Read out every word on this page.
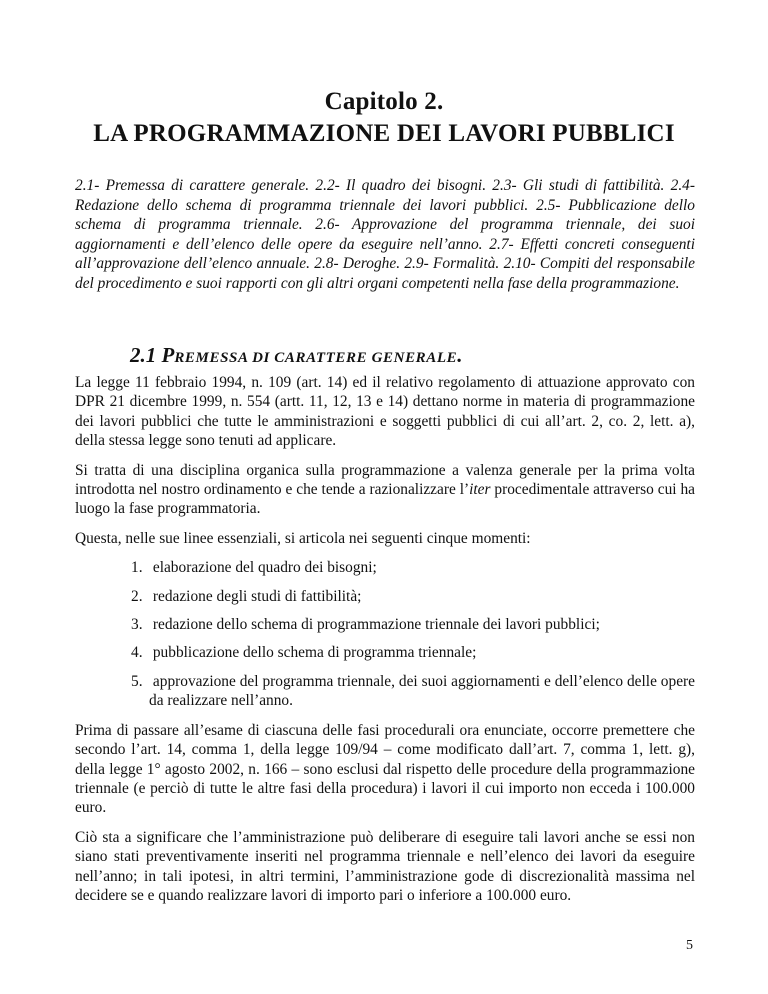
Capitolo 2.
LA PROGRAMMAZIONE DEI LAVORI PUBBLICI
2.1- Premessa di carattere generale. 2.2- Il quadro dei bisogni. 2.3- Gli studi di fattibilità. 2.4- Redazione dello schema di programma triennale dei lavori pubblici. 2.5- Pubblicazione dello schema di programma triennale. 2.6- Approvazione del programma triennale, dei suoi aggiornamenti e dell’elenco delle opere da eseguire nell’anno. 2.7- Effetti concreti conseguenti all’approvazione dell’elenco annuale. 2.8- Deroghe. 2.9- Formalità. 2.10- Compiti del responsabile del procedimento e suoi rapporti con gli altri organi competenti nella fase della programmazione.
2.1 PREMESSA DI CARATTERE GENERALE.

La legge 11 febbraio 1994, n. 109 (art. 14) ed il relativo regolamento di attuazione approvato con DPR 21 dicembre 1999, n. 554 (artt. 11, 12, 13 e 14) dettano norme in materia di programmazione dei lavori pubblici che tutte le amministrazioni e soggetti pubblici di cui all’art. 2, co. 2, lett. a), della stessa legge sono tenuti ad applicare.

Si tratta di una disciplina organica sulla programmazione a valenza generale per la prima volta introdotta nel nostro ordinamento e che tende a razionalizzare l’iter procedimentale attraverso cui ha luogo la fase programmatoria.

Questa, nelle sue linee essenziali, si articola nei seguenti cinque momenti:

1. elaborazione del quadro dei bisogni;
2. redazione degli studi di fattibilità;
3. redazione dello schema di programmazione triennale dei lavori pubblici;
4. pubblicazione dello schema di programma triennale;
5. approvazione del programma triennale, dei suoi aggiornamenti e dell’elenco delle opere da realizzare nell’anno.

Prima di passare all’esame di ciascuna delle fasi procedurali ora enunciate, occorre premettere che secondo l’art. 14, comma 1, della legge 109/94 – come modificato dall’art. 7, comma 1, lett. g), della legge 1° agosto 2002, n. 166 – sono esclusi dal rispetto delle procedure della programmazione triennale (e perciò di tutte le altre fasi della procedura) i lavori il cui importo non ecceda i 100.000 euro.

Ciò sta a significare che l’amministrazione può deliberare di eseguire tali lavori anche se essi non siano stati preventivamente inseriti nel programma triennale e nell’elenco dei lavori da eseguire nell’anno; in tali ipotesi, in altri termini, l’amministrazione gode di discrezionalità massima nel decidere se e quando realizzare lavori di importo pari o inferiore a 100.000 euro.

5
